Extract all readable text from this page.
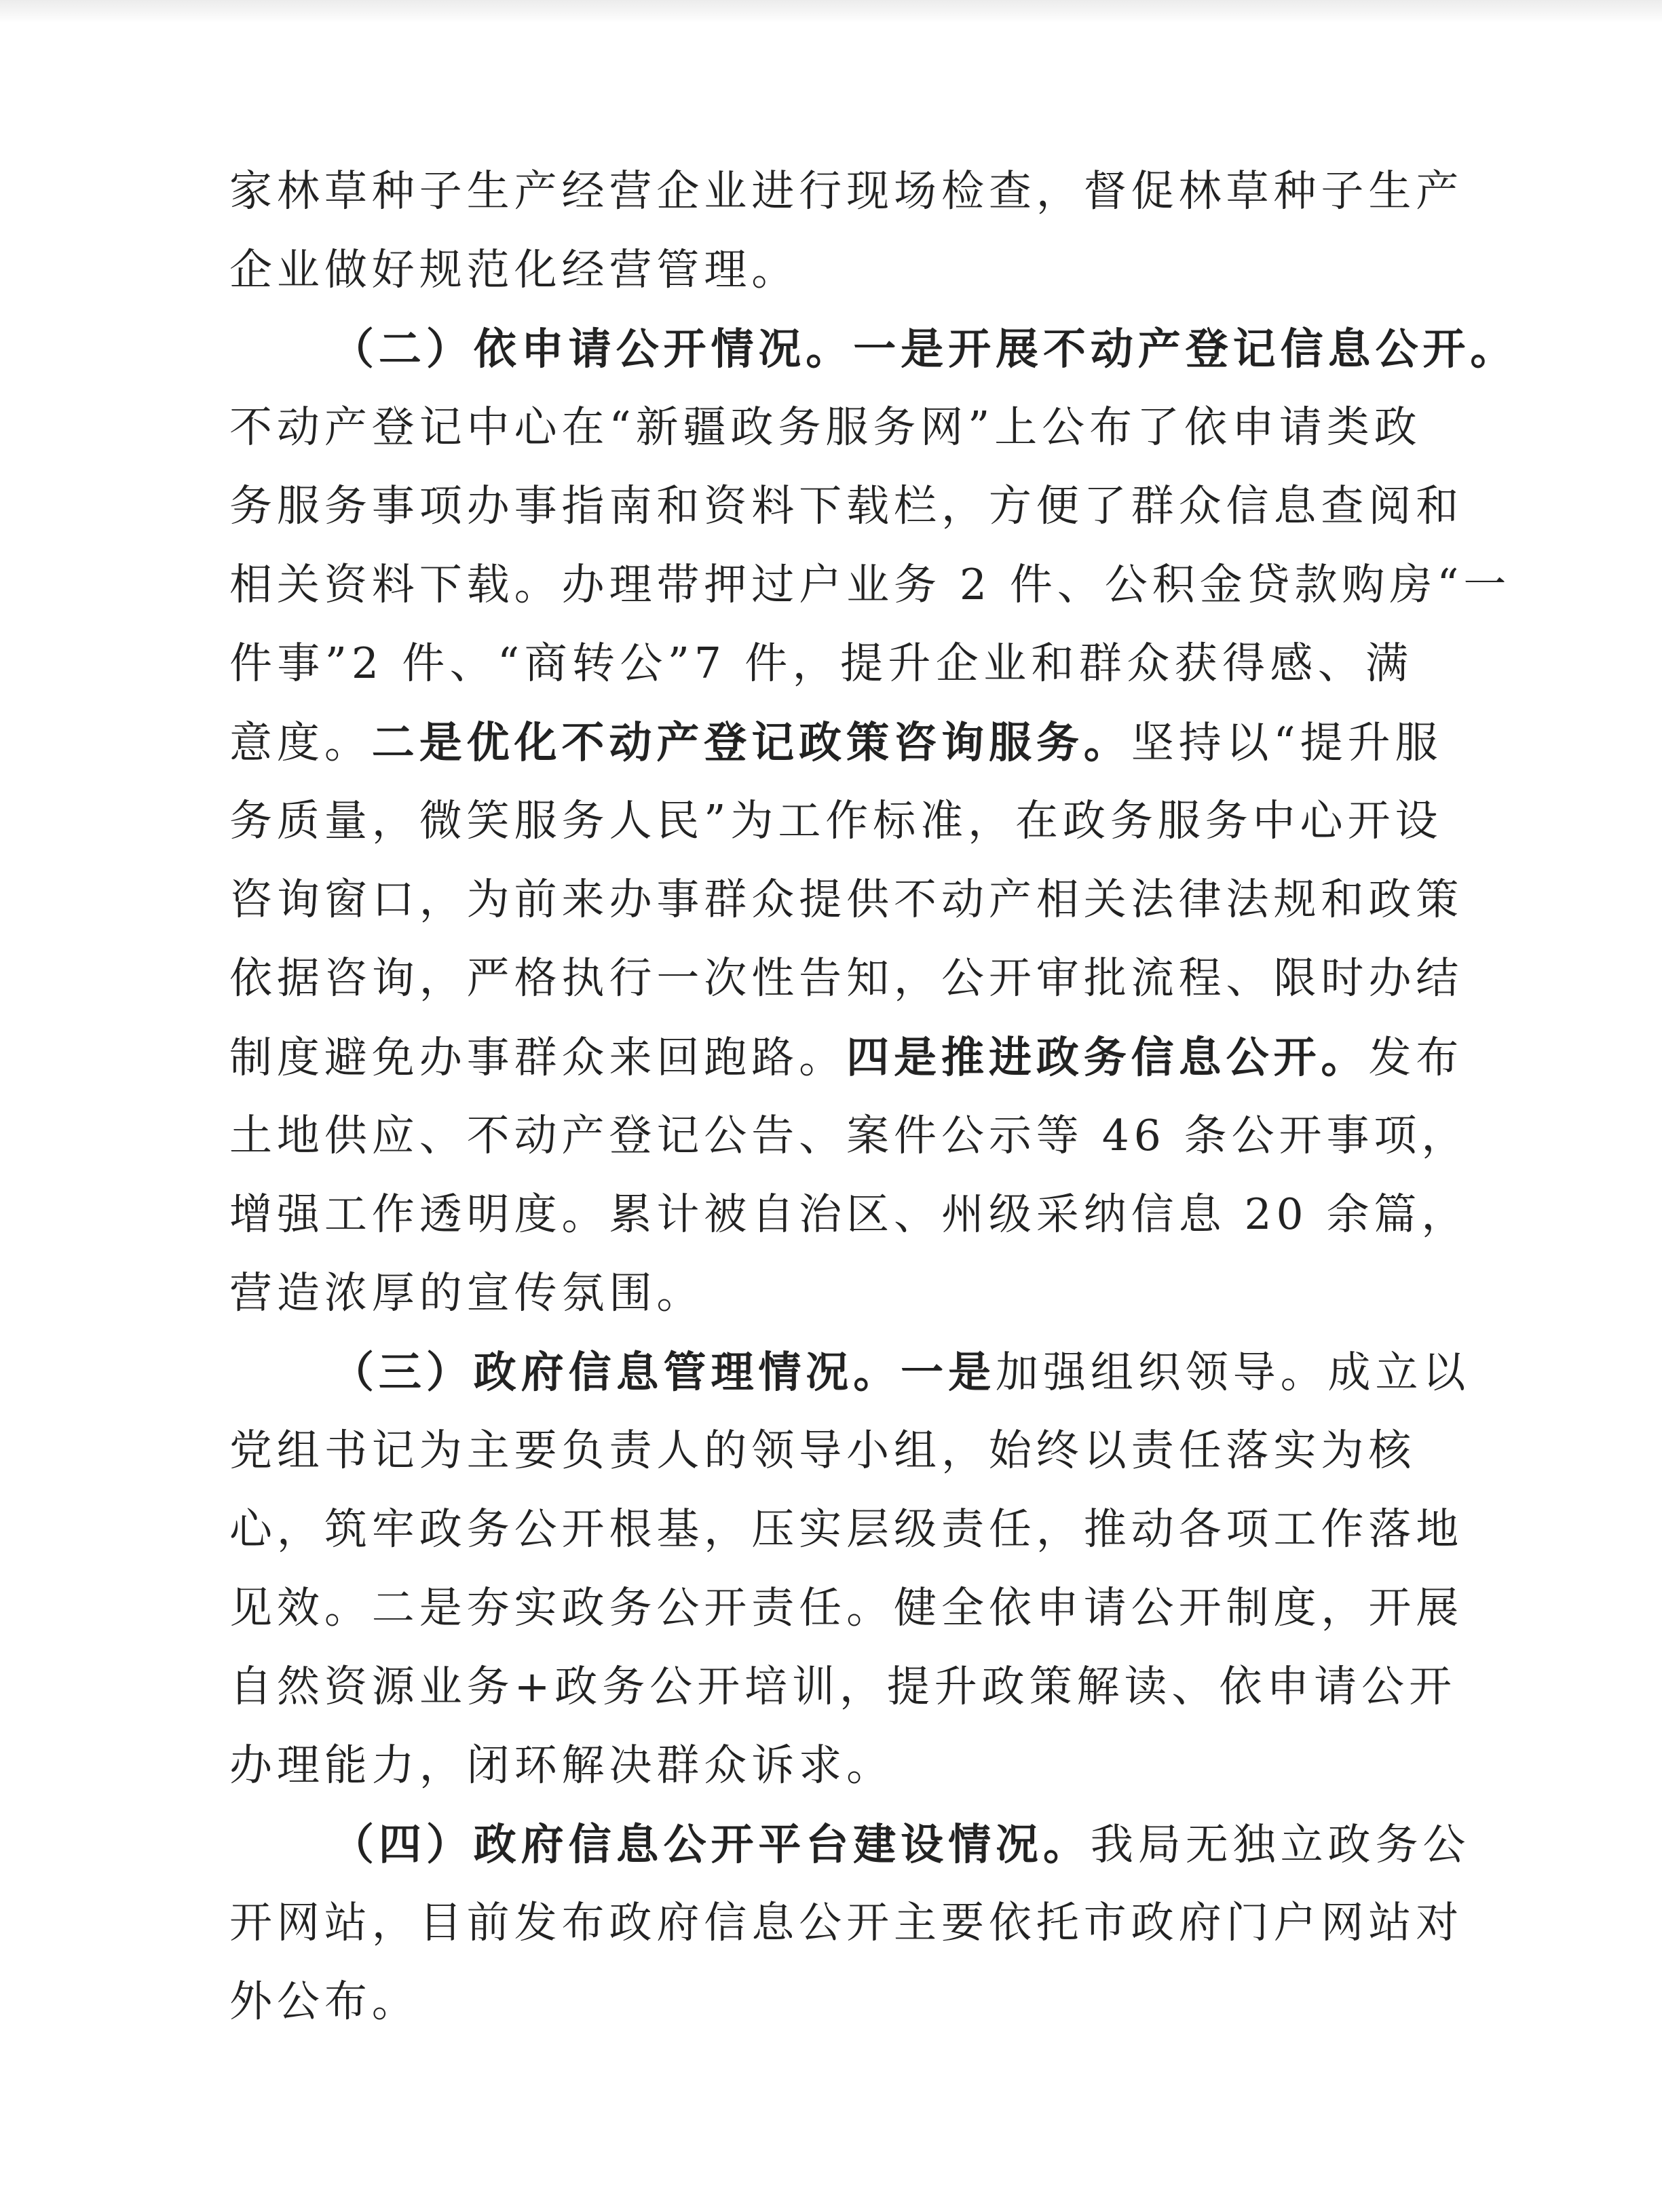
家林草种子生产经营企业进行现场检查，督促林草种子生产
企业做好规范化经营管理。
（二）依申请公开情况。一是开展不动产登记信息公开。
不动产登记中心在“新疆政务服务网”上公布了依申请类政
务服务事项办事指南和资料下载栏，方便了群众信息查阅和
相关资料下载。办理带押过户业务 2 件、公积金贷款购房“一
件事”2 件、“商转公”7 件，提升企业和群众获得感、满
意度。二是优化不动产登记政策咨询服务。坚持以“提升服
务质量，微笑服务人民”为工作标准，在政务服务中心开设
咨询窗口，为前来办事群众提供不动产相关法律法规和政策
依据咨询，严格执行一次性告知，公开审批流程、限时办结
制度避免办事群众来回跑路。四是推进政务信息公开。发布
土地供应、不动产登记公告、案件公示等 46 条公开事项，
增强工作透明度。累计被自治区、州级采纳信息 20 余篇，
营造浓厚的宣传氛围。
（三）政府信息管理情况。一是加强组织领导。成立以
党组书记为主要负责人的领导小组，始终以责任落实为核
心，筑牢政务公开根基，压实层级责任，推动各项工作落地
见效。二是夯实政务公开责任。健全依申请公开制度，开展
自然资源业务+政务公开培训，提升政策解读、依申请公开
办理能力，闭环解决群众诉求。
（四）政府信息公开平台建设情况。我局无独立政务公
开网站，目前发布政府信息公开主要依托市政府门户网站对
外公布。
